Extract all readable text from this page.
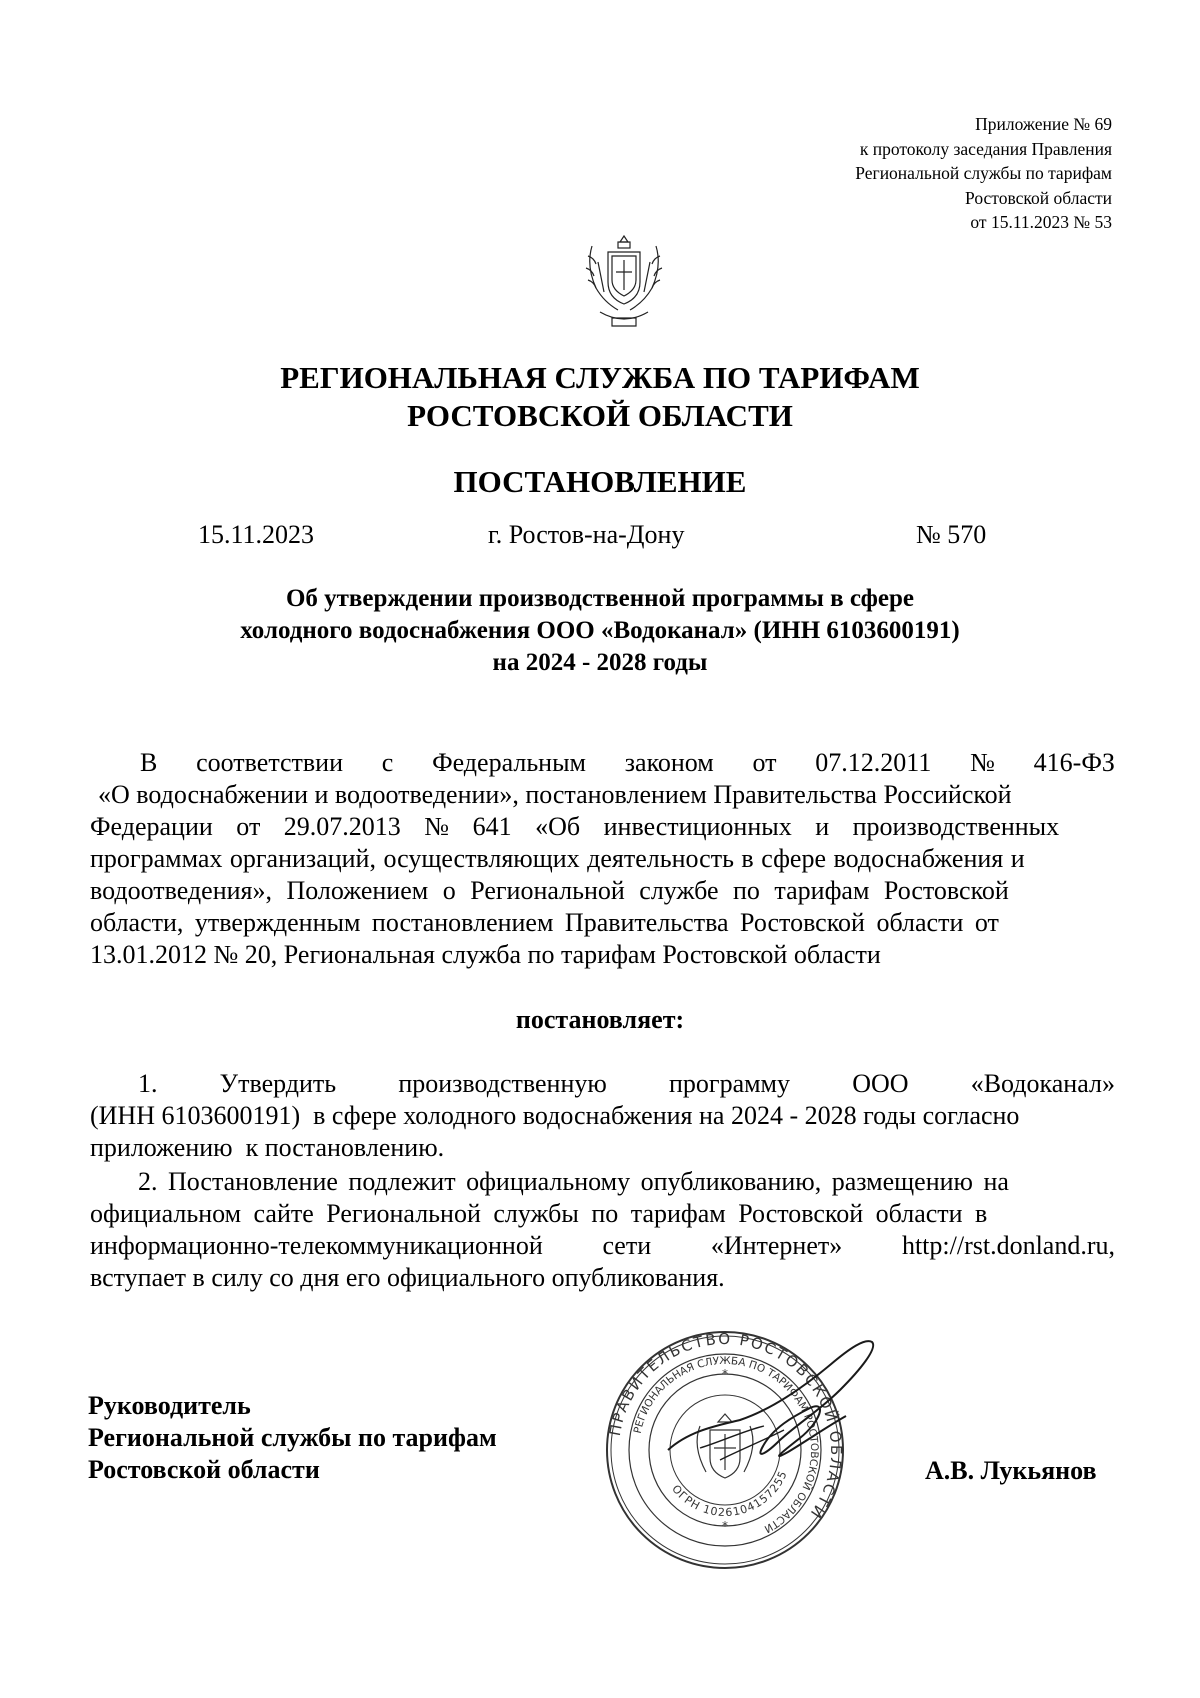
Приложение № 69
к протоколу заседания Правления
Региональной службы по тарифам
Ростовской области
от 15.11.2023 № 53
РЕГИОНАЛЬНАЯ СЛУЖБА ПО ТАРИФАМ
РОСТОВСКОЙ ОБЛАСТИ
ПОСТАНОВЛЕНИЕ
15.11.2023	г. Ростов-на-Дону	№ 570
Об утверждении производственной программы в сфере
холодного водоснабжения ООО «Водоканал» (ИНН 6103600191)
на 2024 - 2028 годы
В соответствии с Федеральным законом от 07.12.2011 № 416-ФЗ
«О водоснабжении и водоотведении», постановлением Правительства Российской
Федерации от 29.07.2013 № 641 «Об инвестиционных и производственных
программах организаций, осуществляющих деятельность в сфере водоснабжения и
водоотведения», Положением о Региональной службе по тарифам Ростовской
области, утвержденным постановлением Правительства Ростовской области от
13.01.2012 № 20, Региональная служба по тарифам Ростовской области
постановляет:
1. Утвердить производственную программу ООО «Водоканал»
(ИНН 6103600191)  в сфере холодного водоснабжения на 2024 - 2028 годы согласно
приложению  к постановлению.
2. Постановление подлежит официальному опубликованию, размещению на
официальном сайте Региональной службы по тарифам Ростовской области в
информационно-телекоммуникационной сети «Интернет» http://rst.donland.ru,
вступает в силу со дня его официального опубликования.
Руководитель
Региональной службы по тарифам
Ростовской области
ПРАВИТЕЛЬСТВО РОСТОВСКОЙ ОБЛАСТИ
РЕГИОНАЛЬНАЯ СЛУЖБА ПО ТАРИФАМ РОСТОВСКОЙ ОБЛАСТИ
ОГРН 1026104157255
*
*
А.В. Лукьянов
